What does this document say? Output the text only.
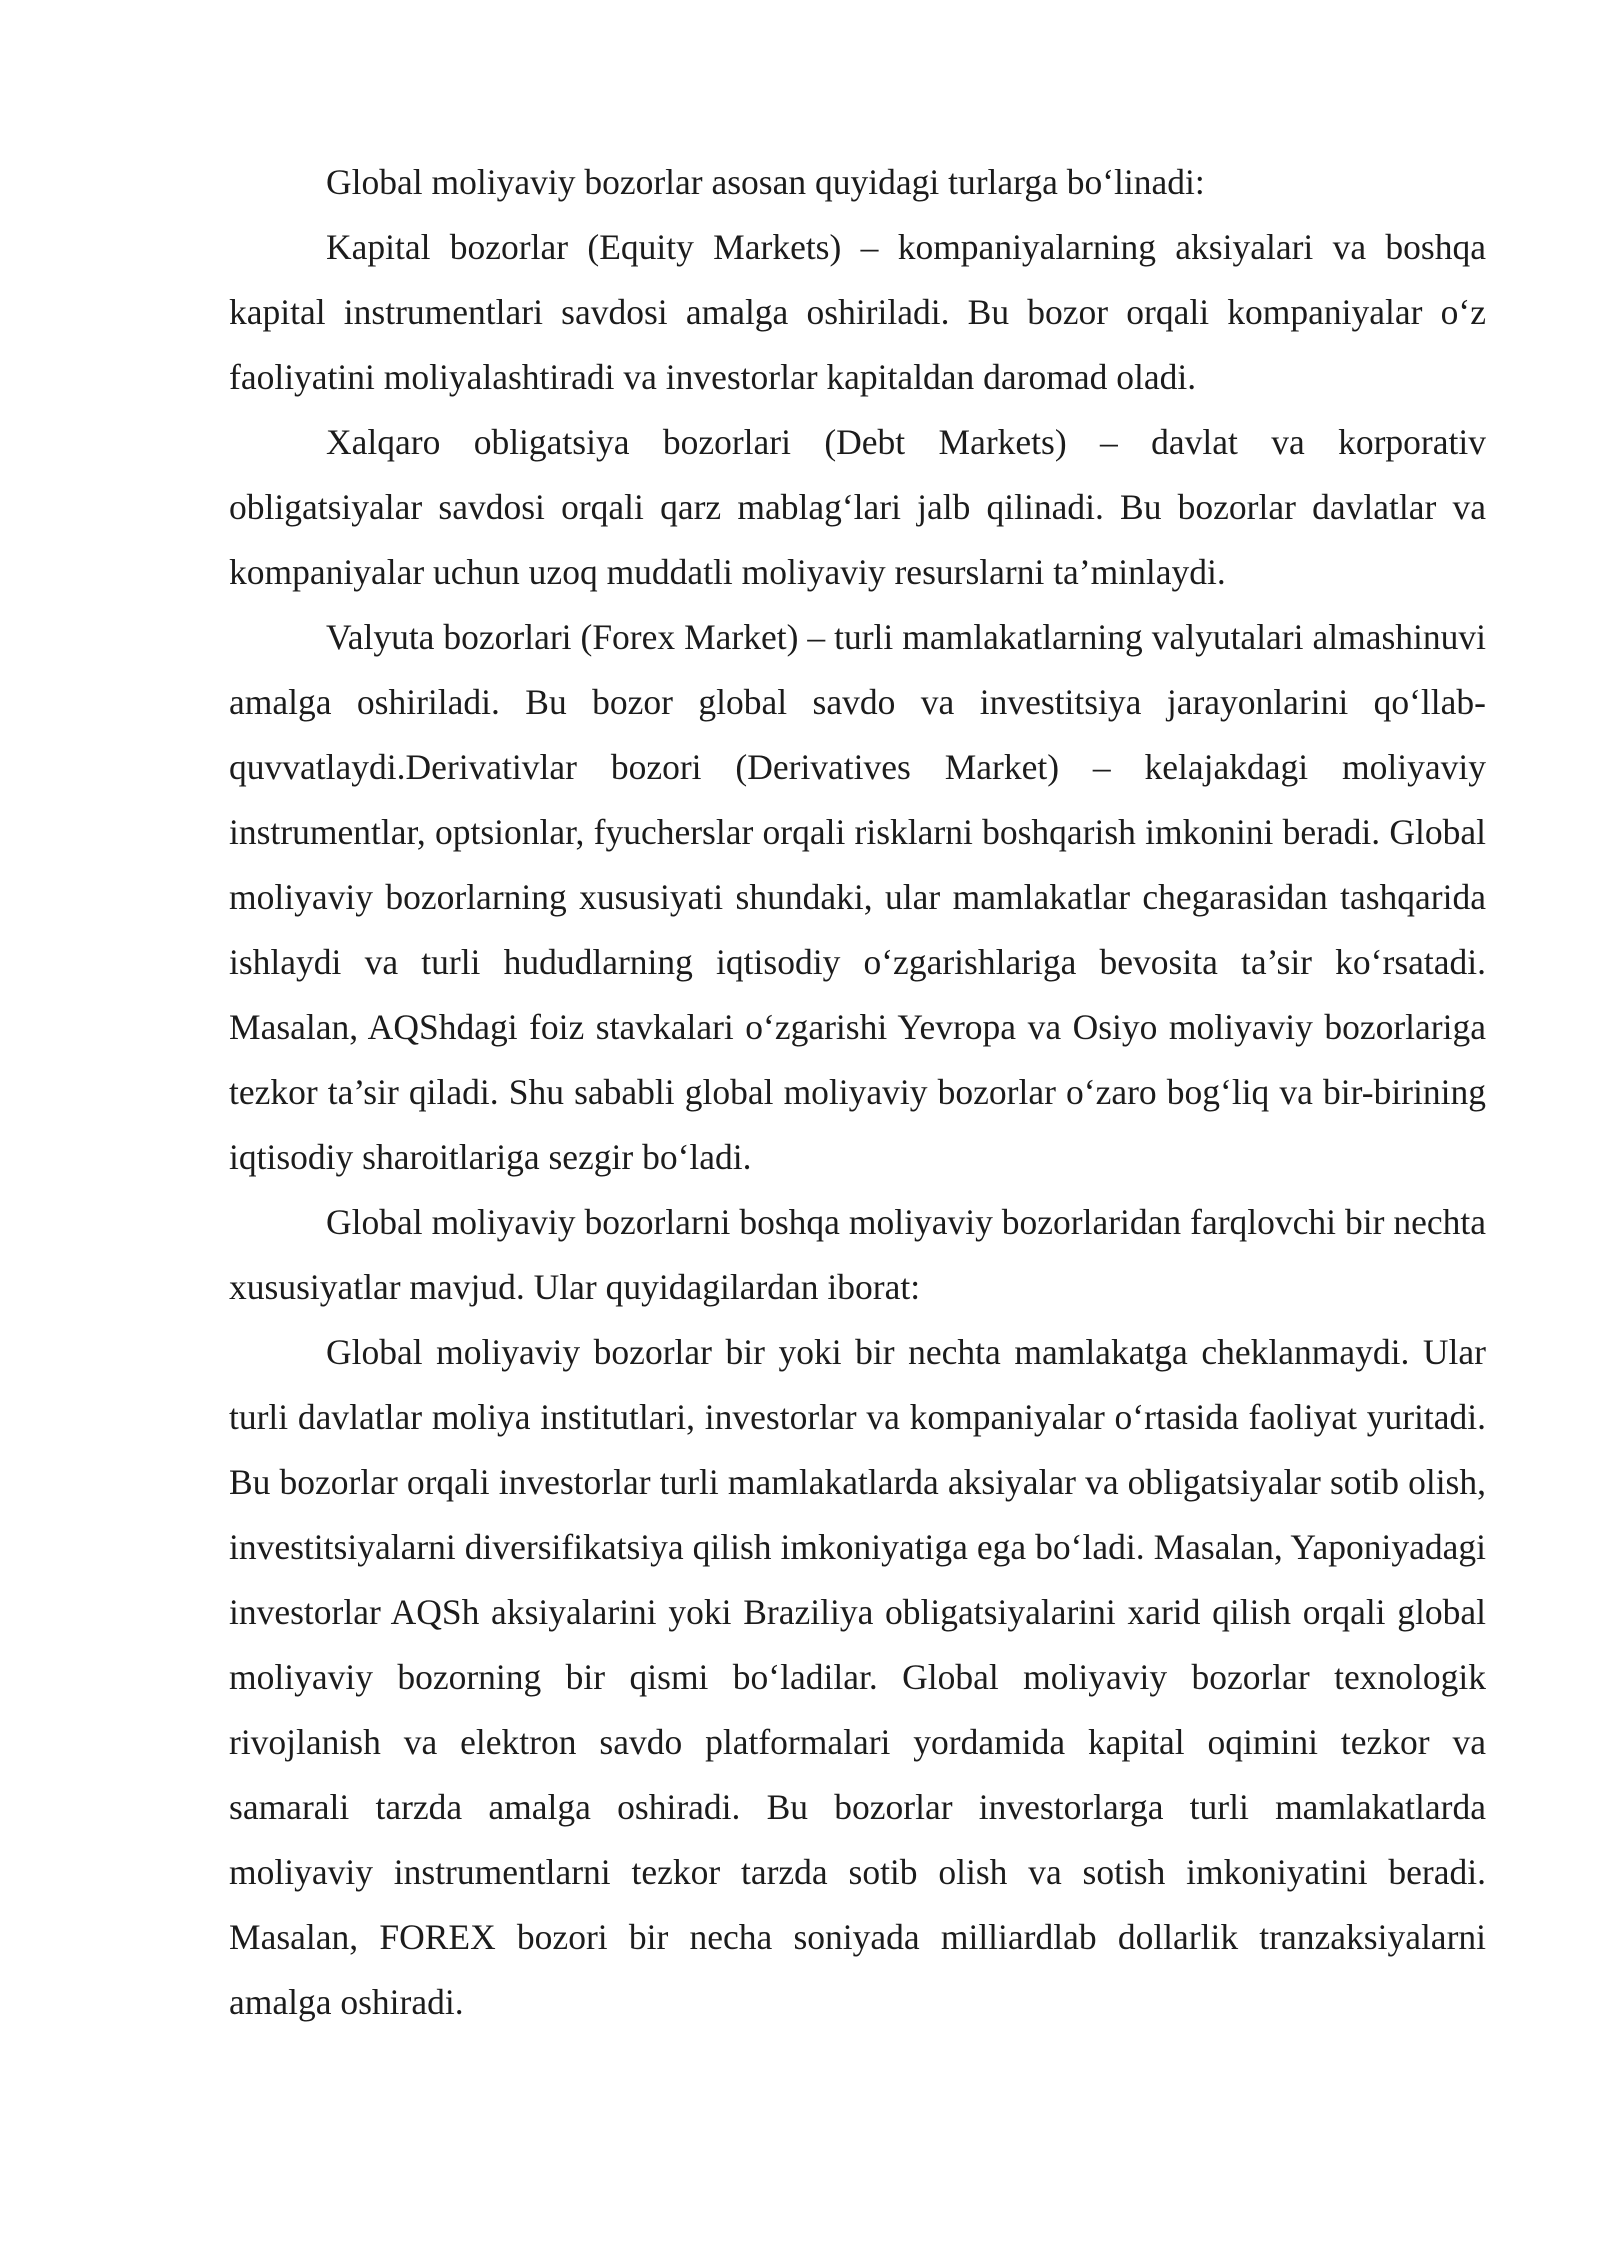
Global moliyaviy bozorlar asosan quyidagi turlarga bo‘linadi:

Kapital bozorlar (Equity Markets) – kompaniyalarning aksiyalari va boshqa kapital instrumentlari savdosi amalga oshiriladi. Bu bozor orqali kompaniyalar o‘z faoliyatini moliyalashtiradi va investorlar kapitaldan daromad oladi.

Xalqaro obligatsiya bozorlari (Debt Markets) – davlat va korporativ obligatsiyalar savdosi orqali qarz mablag‘lari jalb qilinadi. Bu bozorlar davlatlar va kompaniyalar uchun uzoq muddatli moliyaviy resurslarni ta’minlaydi.

Valyuta bozorlari (Forex Market) – turli mamlakatlarning valyutalari almashinuvi amalga oshiriladi. Bu bozor global savdo va investitsiya jarayonlarini qo‘llab-quvvatlaydi.Derivativlar bozori (Derivatives Market) – kelajakdagi moliyaviy instrumentlar, optsionlar, fyucherslar orqali risklarni boshqarish imkonini beradi. Global moliyaviy bozorlarning xususiyati shundaki, ular mamlakatlar chegarasidan tashqarida ishlaydi va turli hududlarning iqtisodiy o‘zgarishlariga bevosita ta’sir ko‘rsatadi. Masalan, AQShdagi foiz stavkalari o‘zgarishi Yevropa va Osiyo moliyaviy bozorlariga tezkor ta’sir qiladi. Shu sababli global moliyaviy bozorlar o‘zaro bog‘liq va bir-birining iqtisodiy sharoitlariga sezgir bo‘ladi.

Global moliyaviy bozorlarni boshqa moliyaviy bozorlaridan farqlovchi bir nechta xususiyatlar mavjud. Ular quyidagilardan iborat:

Global moliyaviy bozorlar bir yoki bir nechta mamlakatga cheklanmaydi. Ular turli davlatlar moliya institutlari, investorlar va kompaniyalar o‘rtasida faoliyat yuritadi. Bu bozorlar orqali investorlar turli mamlakatlarda aksiyalar va obligatsiyalar sotib olish, investitsiyalarni diversifikatsiya qilish imkoniyatiga ega bo‘ladi. Masalan, Yaponiyadagi investorlar AQSh aksiyalarini yoki Braziliya obligatsiyalarini xarid qilish orqali global moliyaviy bozorning bir qismi bo‘ladilar. Global moliyaviy bozorlar texnologik rivojlanish va elektron savdo platformalari yordamida kapital oqimini tezkor va samarali tarzda amalga oshiradi. Bu bozorlar investorlarga turli mamlakatlarda moliyaviy instrumentlarni tezkor tarzda sotib olish va sotish imkoniyatini beradi. Masalan, FOREX bozori bir necha soniyada milliardlab dollarlik tranzaksiyalarni amalga oshiradi.
